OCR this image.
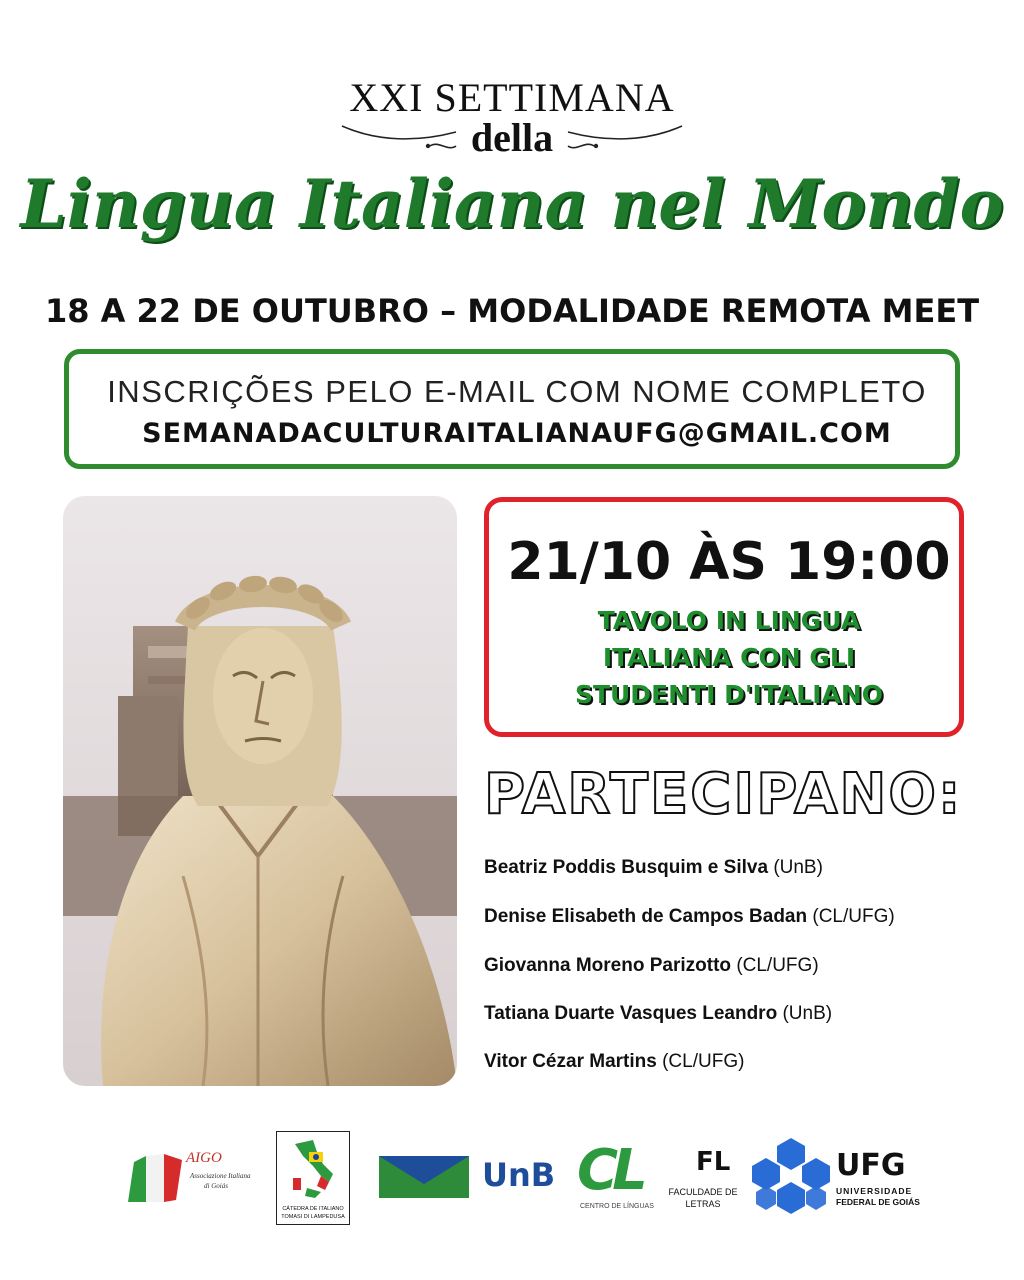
XXI SETTIMANA
della
Lingua Italiana nel Mondo
18 A 22 DE OUTUBRO – MODALIDADE REMOTA MEET
INSCRIÇÕES PELO E-MAIL COM NOME COMPLETO
SEMANADACULTURAITALIANAUFG@GMAIL.COM
21/10 ÀS 19:00
TAVOLO IN LINGUA
ITALIANA CON GLI
STUDENTI D'ITALIANO
PARTECIPANO:
Beatriz Poddis Busquim e Silva (UnB)
Denise Elisabeth de Campos Badan (CL/UFG)
Giovanna Moreno Parizotto (CL/UFG)
Tatiana Duarte Vasques Leandro (UnB)
Vitor Cézar Martins (CL/UFG)
AIGO
Associazione Italiana
di Goiás
CÁTEDRA DE ITALIANO
TOMASI DI LAMPEDUSA
UnB CL
CENTRO DE LÍNGUAS
FL
FACULDADE DE
LETRAS
UFG
UNIVERSIDADE
FEDERAL DE GOIÁS
